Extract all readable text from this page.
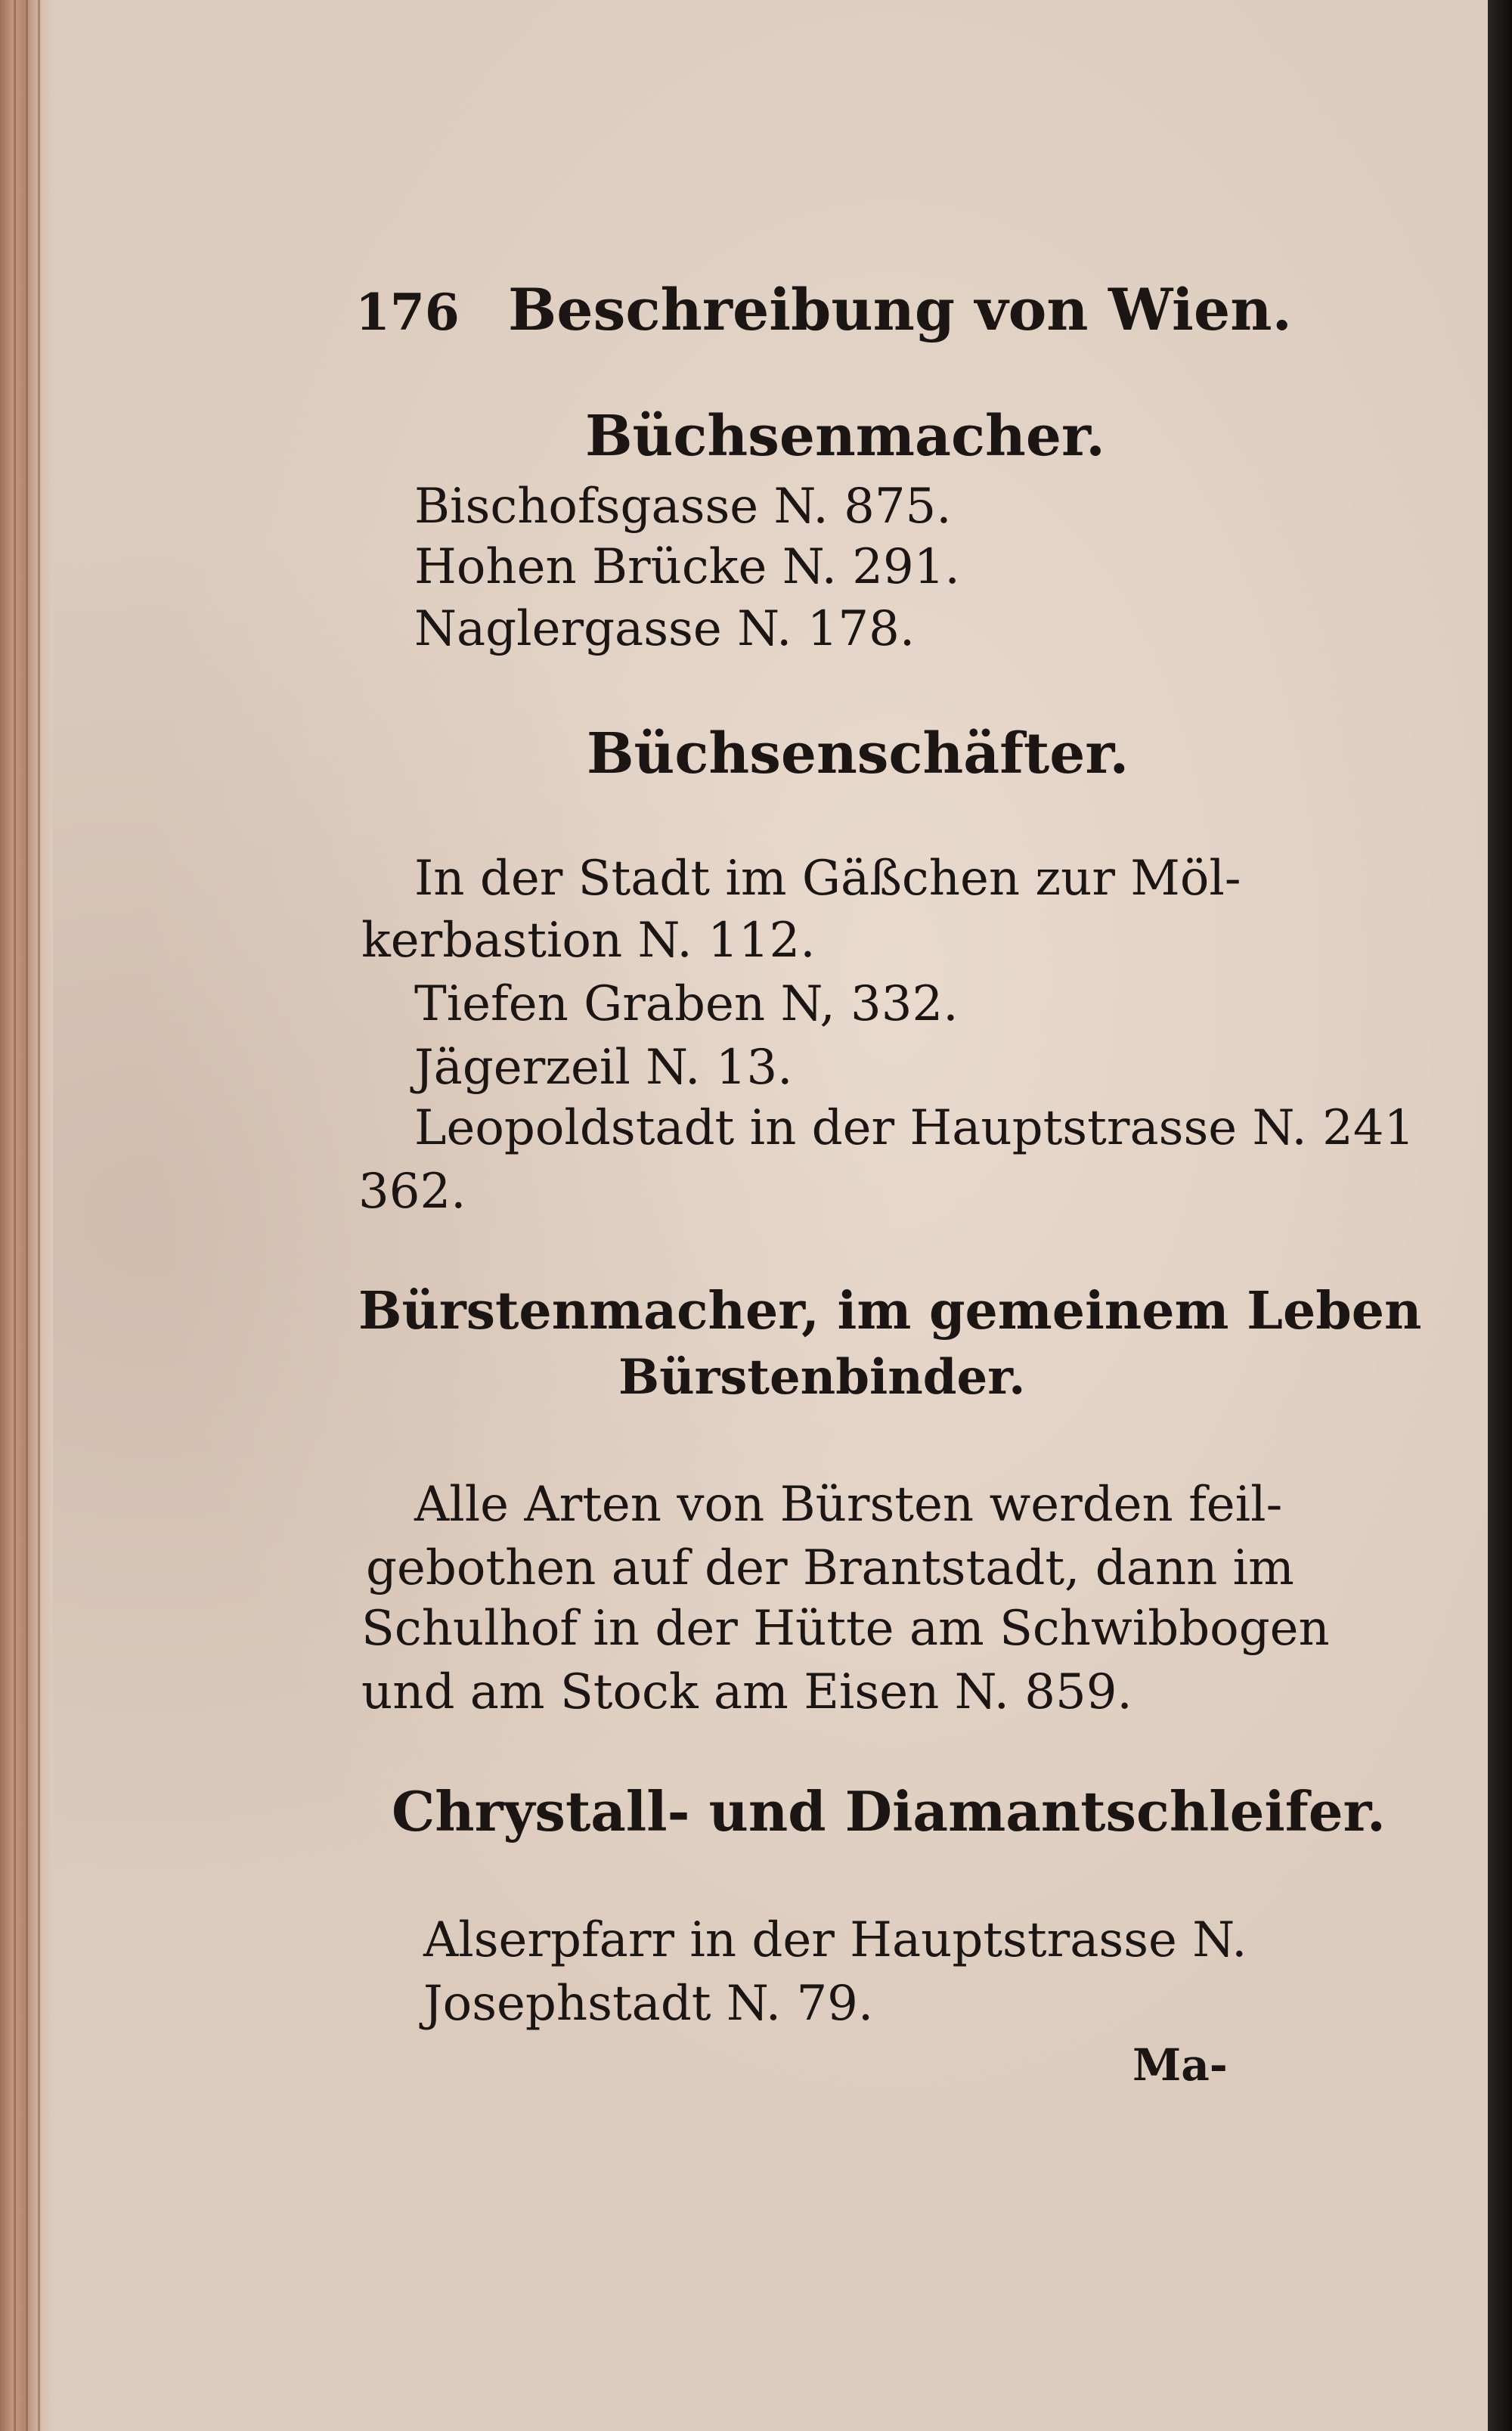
176 Beschreibung von Wien.
Büchsenmacher.
Bischofsgasse N. 875.
Hohen Brücke N. 291.
Naglergasse N. 178.
Büchsenschäfter.
In der Stadt im Gäßchen zur Möl-
kerbastion N. 112.
Tiefen Graben N, 332.
Jägerzeil N. 13.
Leopoldstadt in der Hauptstrasse N. 241
362.
Bürstenmacher, im gemeinem Leben
Bürstenbinder.
Alle Arten von Bürsten werden feil-
gebothen auf der Brantstadt, dann im
Schulhof in der Hütte am Schwibbogen
und am Stock am Eisen N. 859.
Chrystall- und Diamantschleifer.
Alserpfarr in der Hauptstrasse N.
Josephstadt N. 79.
Ma-
